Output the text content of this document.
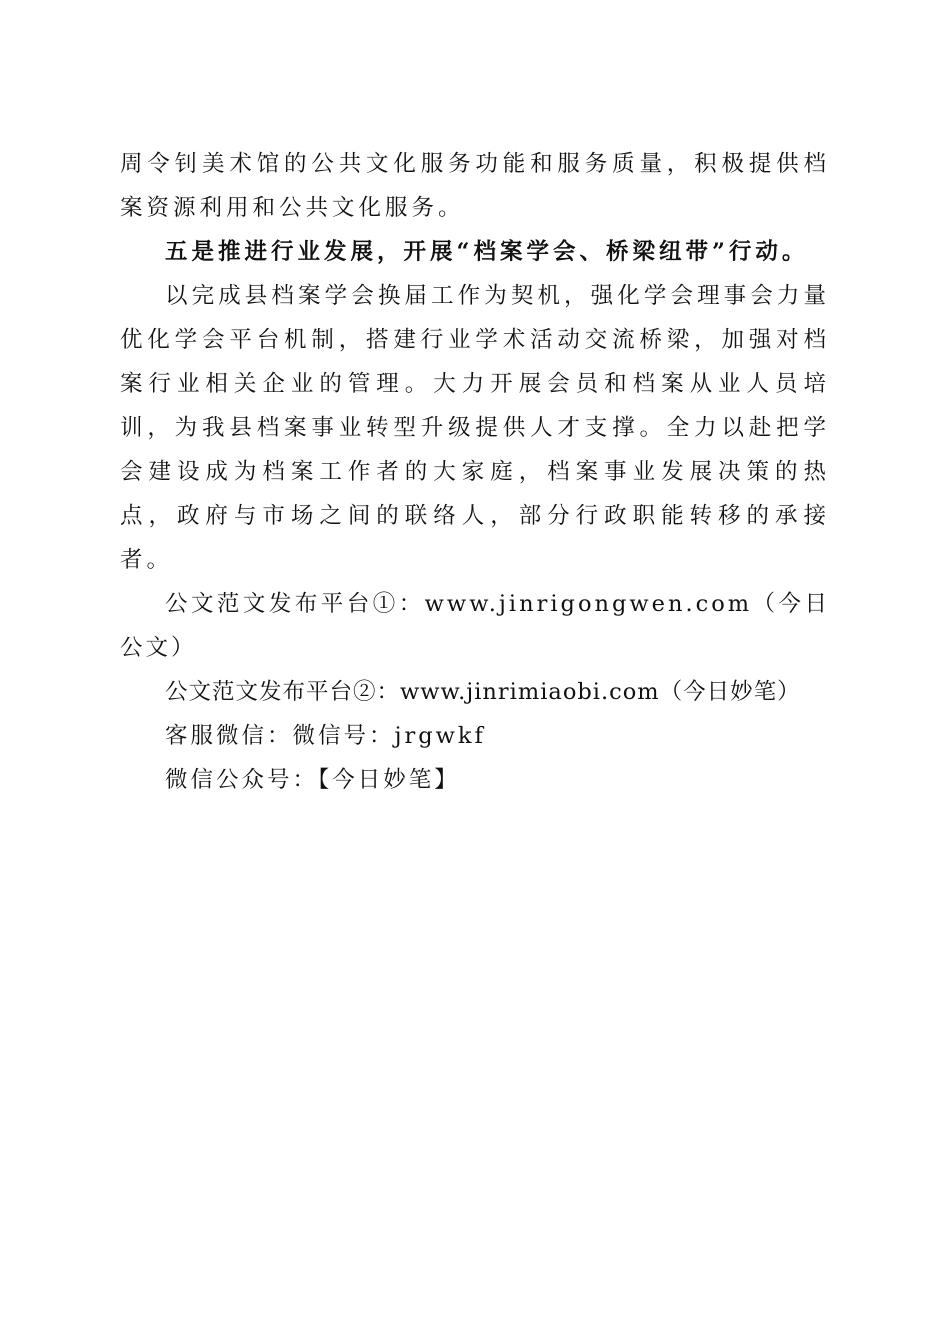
周令钊美术馆的公共文化服务功能和服务质量，积极提供档案资源利用和公共文化服务。

五是推进行业发展，开展“档案学会、桥梁纽带”行动。

以完成县档案学会换届工作为契机，强化学会理事会力量优化学会平台机制，搭建行业学术活动交流桥梁，加强对档案行业相关企业的管理。大力开展会员和档案从业人员培训，为我县档案事业转型升级提供人才支撑。全力以赴把学会建设成为档案工作者的大家庭，档案事业发展决策的热点，政府与市场之间的联络人，部分行政职能转移的承接者。

公文范文发布平台①：www.jinrigongwen.com（今日公文）

公文范文发布平台②：www.jinrimiaobi.com（今日妙笔）

客服微信：微信号：jrgwkf

微信公众号：【今日妙笔】
